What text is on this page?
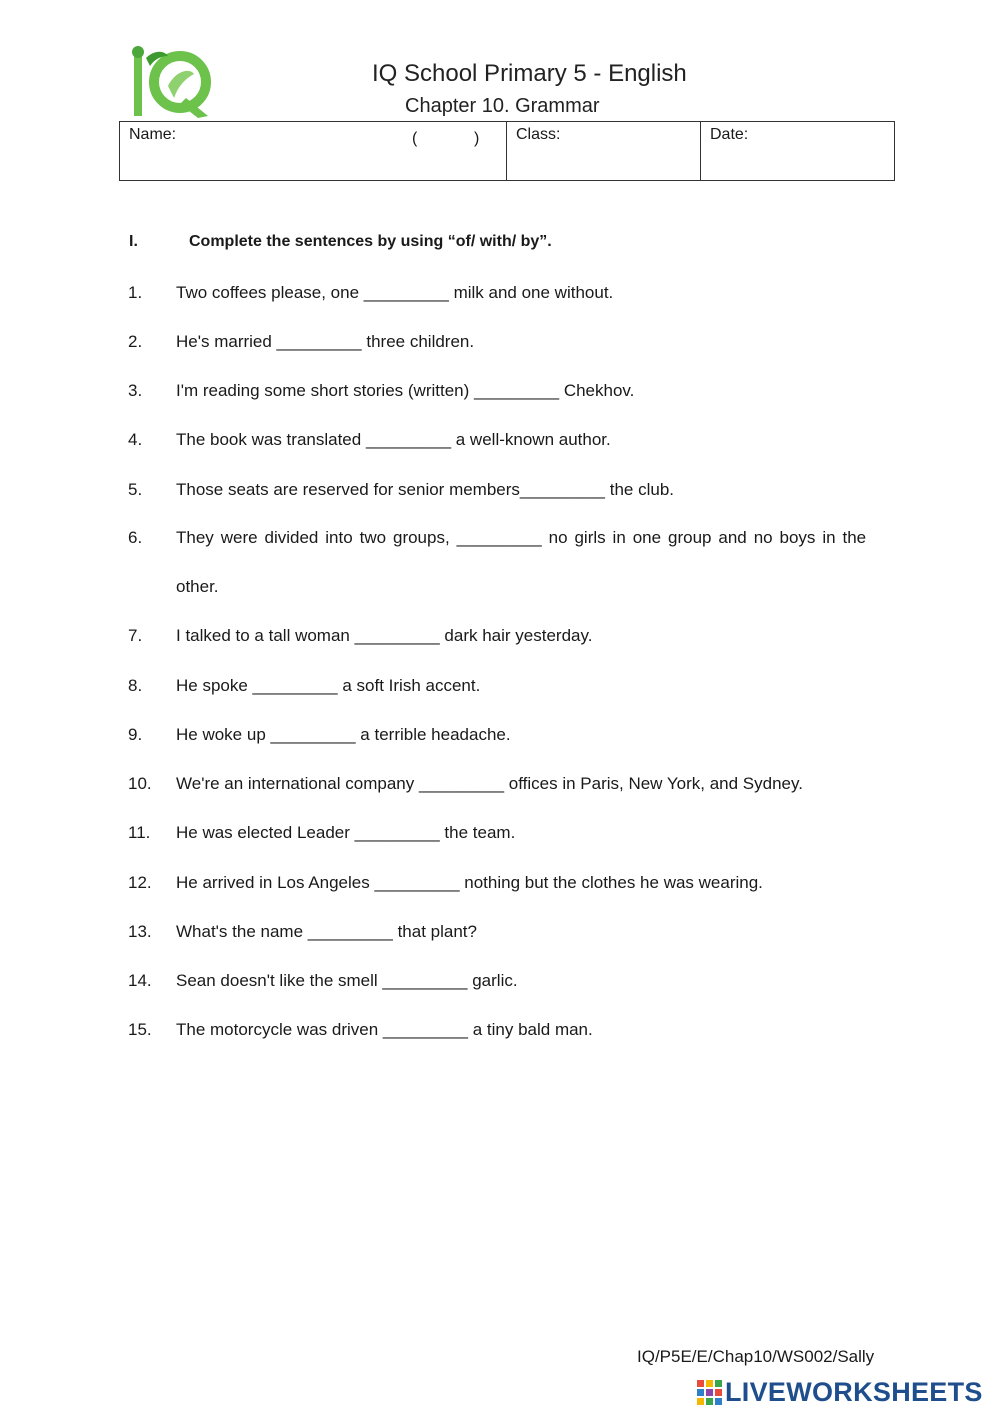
IQ School Primary 5 - English
Chapter 10. Grammar
Name:	(	)	Class:	Date:
I.	Complete the sentences by using “of/ with/ by”.
1. Two coffees please, one _________ milk and one without.
2. He's married _________ three children.
3. I'm reading some short stories (written) _________ Chekhov.
4. The book was translated _________ a well-known author.
5. Those seats are reserved for senior members_________ the club.
6. They were divided into two groups, _________ no girls in one group and no boys in the
other.
7. I talked to a tall woman _________ dark hair yesterday.
8. He spoke _________ a soft Irish accent.
9. He woke up _________ a terrible headache.
10. We're an international company _________ offices in Paris, New York, and Sydney.
11. He was elected Leader _________ the team.
12. He arrived in Los Angeles _________ nothing but the clothes he was wearing.
13. What's the name _________ that plant?
14. Sean doesn't like the smell _________ garlic.
15. The motorcycle was driven _________ a tiny bald man.
IQ/P5E/E/Chap10/WS002/Sally
LIVEWORKSHEETS
